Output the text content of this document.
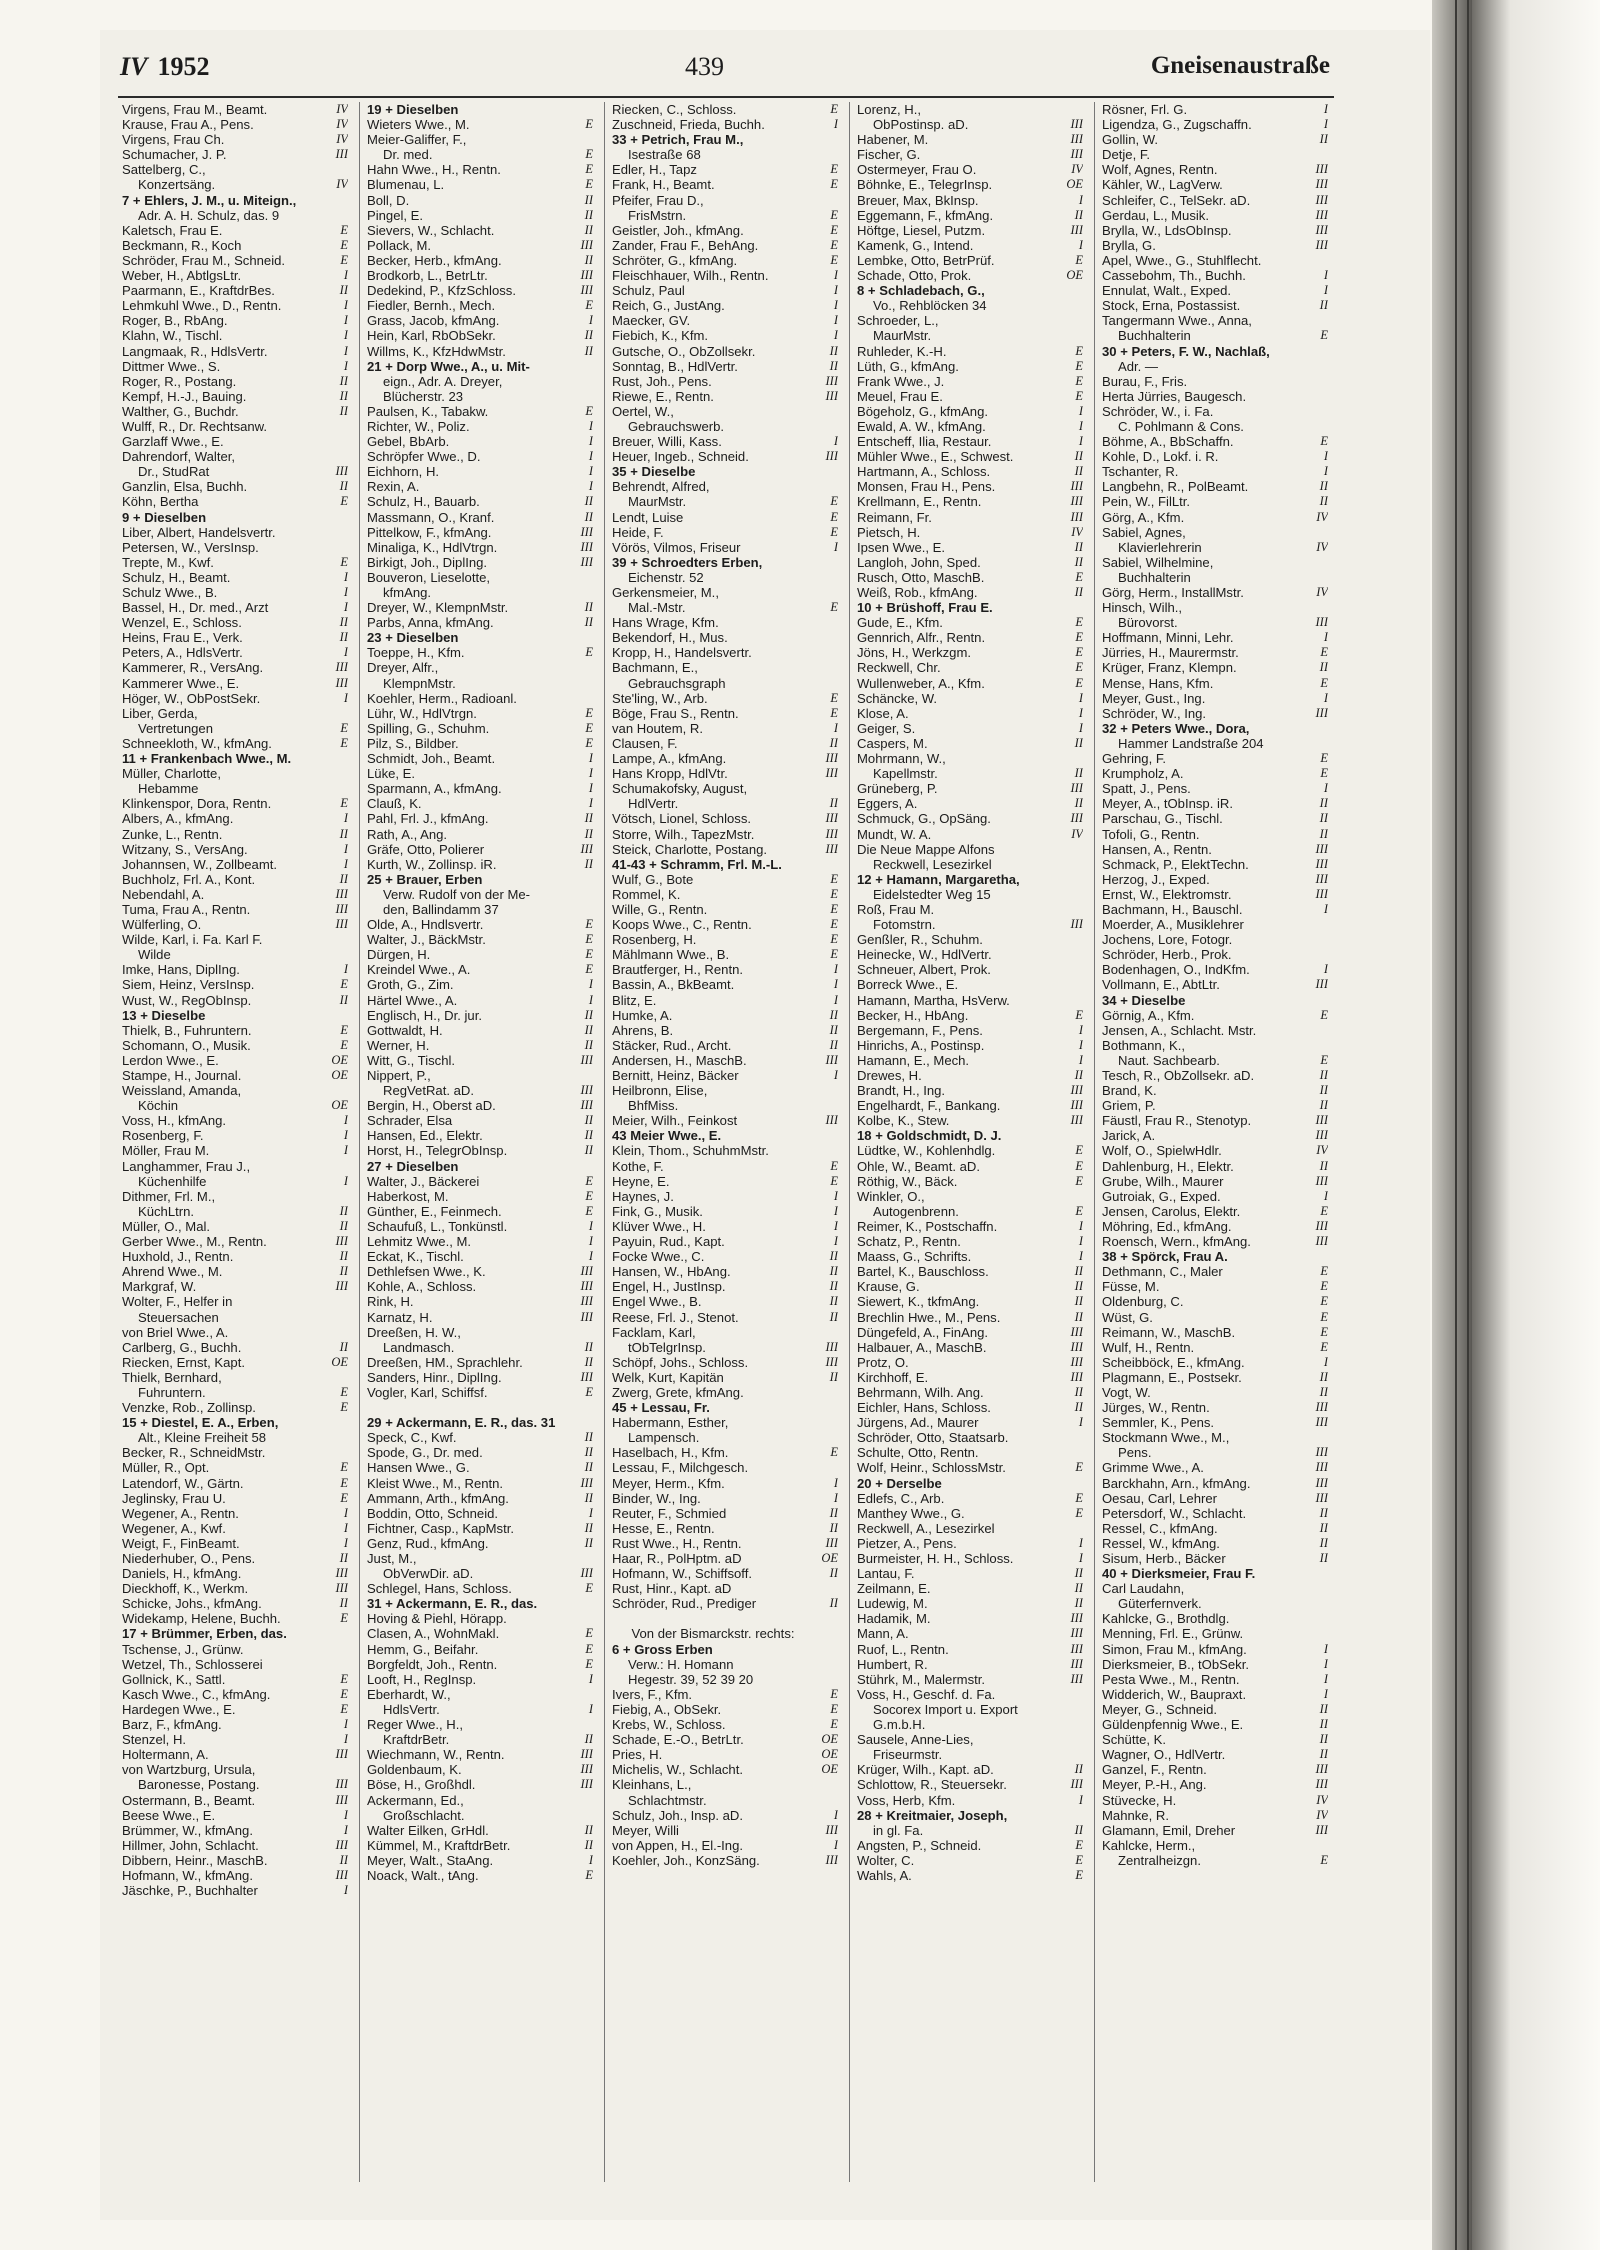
IV 1952	439	Gneisenaustraße
Virgens, Frau M., Beamt.	IV
Krause, Frau A., Pens.	IV
Virgens, Frau Ch.	IV
Schumacher, J. P.	III
Sattelberg, C.,
Konzertsäng.	IV
7 + Ehlers, J. M., u. Miteign.,
Adr. A. H. Schulz, das. 9
Kaletsch, Frau E.	E
Beckmann, R., Koch	E
Schröder, Frau M., Schneid.	E
Weber, H., AbtlgsLtr.	I
Paarmann, E., KraftdrBes.	II
Lehmkuhl Wwe., D., Rentn.	I
Roger, B., RbAng.	I
Klahn, W., Tischl.	I
Langmaak, R., HdlsVertr.	I
Dittmer Wwe., S.	I
Roger, R., Postang.	II
Kempf, H.-J., Bauing.	II
Walther, G., Buchdr.	II
Wulff, R., Dr. Rechtsanw.
Garzlaff Wwe., E.
Dahrendorf, Walter,
Dr., StudRat	III
Ganzlin, Elsa, Buchh.	II
Köhn, Bertha	E
9 + Dieselben
Liber, Albert, Handelsvertr.
Petersen, W., VersInsp.
Trepte, M., Kwf.	E
Schulz, H., Beamt.	I
Schulz Wwe., B.	I
Bassel, H., Dr. med., Arzt	I
Wenzel, E., Schloss.	II
Heins, Frau E., Verk.	II
Peters, A., HdlsVertr.	I
Kammerer, R., VersAng.	III
Kammerer Wwe., E.	III
Höger, W., ObPostSekr.	I
Liber, Gerda,
Vertretungen	E
Schneekloth, W., kfmAng.	E
11 + Frankenbach Wwe., M.
Müller, Charlotte,
Hebamme
Klinkenspor, Dora, Rentn.	E
Albers, A., kfmAng.	I
Zunke, L., Rentn.	II
Witzany, S., VersAng.	I
Johannsen, W., Zollbeamt.	I
Buchholz, Frl. A., Kont.	II
Nebendahl, A.	III
Tuma, Frau A., Rentn.	III
Wülferling, O.	III
Wilde, Karl, i. Fa. Karl F.
Wilde
Imke, Hans, DiplIng.	I
Siem, Heinz, VersInsp.	E
Wust, W., RegObInsp.	II
13 + Dieselbe
Thielk, B., Fuhruntern.	E
Schomann, O., Musik.	E
Lerdon Wwe., E.	OE
Stampe, H., Journal.	OE
Weissland, Amanda,
Köchin	OE
Voss, H., kfmAng.	I
Rosenberg, F.	I
Möller, Frau M.	I
Langhammer, Frau J.,
Küchenhilfe	I
Dithmer, Frl. M.,
KüchLtrn.	II
Müller, O., Mal.	II
Gerber Wwe., M., Rentn.	III
Huxhold, J., Rentn.	II
Ahrend Wwe., M.	II
Markgraf, W.	III
Wolter, F., Helfer in
Steuersachen
von Briel Wwe., A.
Carlberg, G., Buchh.	II
Riecken, Ernst, Kapt.	OE
Thielk, Bernhard,
Fuhruntern.	E
Venzke, Rob., Zollinsp.	E
15 + Diestel, E. A., Erben,
Alt., Kleine Freiheit 58
Becker, R., SchneidMstr.
Müller, R., Opt.	E
Latendorf, W., Gärtn.	E
Jeglinsky, Frau U.	E
Wegener, A., Rentn.	I
Wegener, A., Kwf.	I
Weigt, F., FinBeamt.	I
Niederhuber, O., Pens.	II
Daniels, H., kfmAng.	III
Dieckhoff, K., Werkm.	III
Schicke, Johs., kfmAng.	II
Widekamp, Helene, Buchh.	E
17 + Brümmer, Erben, das.
Tschense, J., Grünw.
Wetzel, Th., Schlosserei
Gollnick, K., Sattl.	E
Kasch Wwe., C., kfmAng.	E
Hardegen Wwe., E.	E
Barz, F., kfmAng.	I
Stenzel, H.	I
Holtermann, A.	III
von Wartzburg, Ursula,
Baronesse, Postang.	III
Ostermann, B., Beamt.	III
Beese Wwe., E.	I
Brümmer, W., kfmAng.	I
Hillmer, John, Schlacht.	III
Dibbern, Heinr., MaschB.	II
Hofmann, W., kfmAng.	III
Jäschke, P., Buchhalter	I
19 + Dieselben
Wieters Wwe., M.	E
Meier-Galiffer, F.,
Dr. med.	E
Hahn Wwe., H., Rentn.	E
Blumenau, L.	E
Boll, D.	II
Pingel, E.	II
Sievers, W., Schlacht.	II
Pollack, M.	III
Becker, Herb., kfmAng.	II
Brodkorb, L., BetrLtr.	III
Dedekind, P., KfzSchloss.	III
Fiedler, Bernh., Mech.	E
Grass, Jacob, kfmAng.	I
Hein, Karl, RbObSekr.	II
Willms, K., KfzHdwMstr.	II
21 + Dorp Wwe., A., u. Mit-
eign., Adr. A. Dreyer,
Blücherstr. 23
Paulsen, K., Tabakw.	E
Richter, W., Poliz.	I
Gebel, BbArb.	I
Schröpfer Wwe., D.	I
Eichhorn, H.	I
Rexin, A.	I
Schulz, H., Bauarb.	II
Massmann, O., Kranf.	II
Pittelkow, F., kfmAng.	III
Minaliga, K., HdlVtrgn.	III
Birkigt, Joh., DiplIng.	III
Bouveron, Lieselotte,
kfmAng.
Dreyer, W., KlempnMstr.	II
Parbs, Anna, kfmAng.	II
23 + Dieselben
Toeppe, H., Kfm.	E
Dreyer, Alfr.,
KlempnMstr.
Koehler, Herm., Radioanl.
Lühr, W., HdlVtrgn.	E
Spilling, G., Schuhm.	E
Pilz, S., Bildber.	E
Schmidt, Joh., Beamt.	I
Lüke, E.	I
Sparmann, A., kfmAng.	I
Clauß, K.	I
Pahl, Frl. J., kfmAng.	II
Rath, A., Ang.	II
Gräfe, Otto, Polierer	III
Kurth, W., Zollinsp. iR.	II
25 + Brauer, Erben
Verw. Rudolf von der Me-
den, Ballindamm 37
Olde, A., Hndlsvertr.	E
Walter, J., BäckMstr.	E
Dürgen, H.	E
Kreindel Wwe., A.	E
Groth, G., Zim.	I
Härtel Wwe., A.	I
Englisch, H., Dr. jur.	II
Gottwaldt, H.	II
Werner, H.	II
Witt, G., Tischl.	III
Nippert, P.,
RegVetRat. aD.	III
Bergin, H., Oberst aD.	III
Schrader, Elsa	II
Hansen, Ed., Elektr.	II
Horst, H., TelegrObInsp.	II
27 + Dieselben
Walter, J., Bäckerei	E
Haberkost, M.	E
Günther, E., Feinmech.	E
Schaufuß, L., Tonkünstl.	I
Lehmitz Wwe., M.	I
Eckat, K., Tischl.	I
Dethlefsen Wwe., K.	III
Kohle, A., Schloss.	III
Rink, H.	III
Karnatz, H.	III
Dreeßen, H. W.,
Landmasch.	II
Dreeßen, HM., Sprachlehr.	II
Sanders, Hinr., DiplIng.	III
Vogler, Karl, Schiffsf.	E
29 + Ackermann, E. R., das. 31
Speck, C., Kwf.	II
Spode, G., Dr. med.	II
Hansen Wwe., G.	II
Kleist Wwe., M., Rentn.	III
Ammann, Arth., kfmAng.	II
Boddin, Otto, Schneid.	I
Fichtner, Casp., KapMstr.	II
Genz, Rud., kfmAng.	II
Just, M.,
ObVerwDir. aD.	III
Schlegel, Hans, Schloss.	E
31 + Ackermann, E. R., das.
Hoving & Piehl, Hörapp.
Clasen, A., WohnMakl.	E
Hemm, G., Beifahr.	E
Borgfeldt, Joh., Rentn.	E
Looft, H., RegInsp.	I
Eberhardt, W.,
HdlsVertr.	I
Reger Wwe., H.,
KraftdrBetr.	II
Wiechmann, W., Rentn.	III
Goldenbaum, K.	III
Böse, H., Großhdl.	III
Ackermann, Ed.,
Großschlacht.
Walter Eilken, GrHdl.	II
Kümmel, M., KraftdrBetr.	II
Meyer, Walt., StaAng.	I
Noack, Walt., tAng.	E
Riecken, C., Schloss.	E
Zuschneid, Frieda, Buchh.	I
33 + Petrich, Frau M.,
Isestraße 68
Edler, H., Tapz	E
Frank, H., Beamt.	E
Pfeifer, Frau D.,
FrisMstrn.	E
Geistler, Joh., kfmAng.	E
Zander, Frau F., BehAng.	E
Schröter, G., kfmAng.	E
Fleischhauer, Wilh., Rentn.	I
Schulz, Paul	I
Reich, G., JustAng.	I
Maecker, GV.	I
Fiebich, K., Kfm.	I
Gutsche, O., ObZollsekr.	II
Sonntag, B., HdlVertr.	II
Rust, Joh., Pens.	III
Riewe, E., Rentn.	III
Oertel, W.,
Gebrauchswerb.
Breuer, Willi, Kass.	I
Heuer, Ingeb., Schneid.	III
35 + Dieselbe
Behrendt, Alfred,
MaurMstr.	E
Lendt, Luise	E
Heide, F.	E
Vörös, Vilmos, Friseur	I
39 + Schroedters Erben,
Eichenstr. 52
Gerkensmeier, M.,
Mal.-Mstr.	E
Hans Wrage, Kfm.
Bekendorf, H., Mus.
Kropp, H., Handelsvertr.
Bachmann, E.,
Gebrauchsgraph
Ste'ling, W., Arb.	E
Böge, Frau S., Rentn.	E
van Houtem, R.	I
Clausen, F.	II
Lampe, A., kfmAng.	III
Hans Kropp, HdlVtr.	III
Schumakofsky, August,
HdlVertr.	II
Vötsch, Lionel, Schloss.	III
Storre, Wilh., TapezMstr.	III
Steick, Charlotte, Postang.	III
41-43 + Schramm, Frl. M.-L.
Wulf, G., Bote	E
Rommel, K.	E
Wille, G., Rentn.	E
Koops Wwe., C., Rentn.	E
Rosenberg, H.	E
Mählmann Wwe., B.	E
Brautferger, H., Rentn.	I
Bassin, A., BkBeamt.	I
Blitz, E.	I
Humke, A.	II
Ahrens, B.	II
Stäcker, Rud., Archt.	II
Andersen, H., MaschB.	III
Bernitt, Heinz, Bäcker	I
Heilbronn, Elise,
BhfMiss.
Meier, Wilh., Feinkost	III
43 Meier Wwe., E.
Klein, Thom., SchuhmMstr.
Kothe, F.	E
Heyne, E.	E
Haynes, J.	I
Fink, G., Musik.	I
Klüver Wwe., H.	I
Payuin, Rud., Kapt.	I
Focke Wwe., C.	II
Hansen, W., HbAng.	II
Engel, H., JustInsp.	II
Engel Wwe., B.	II
Reese, Frl. J., Stenot.	II
Facklam, Karl,
tObTelgrInsp.	III
Schöpf, Johs., Schloss.	III
Welk, Kurt, Kapitän	II
Zwerg, Grete, kfmAng.
45 + Lessau, Fr.
Habermann, Esther,
Lampensch.
Haselbach, H., Kfm.	E
Lessau, F., Milchgesch.
Meyer, Herm., Kfm.	I
Binder, W., Ing.	I
Reuter, F., Schmied	II
Hesse, E., Rentn.	II
Rust Wwe., H., Rentn.	III
Haar, R., PolHptm. aD	OE
Hofmann, W., Schiffsoff.	II
Rust, Hinr., Kapt. aD
Schröder, Rud., Prediger	II
Von der Bismarckstr. rechts:
6 + Gross Erben
Verw.: H. Homann
Hegestr. 39, 52 39 20
Ivers, F., Kfm.	E
Fiebig, A., ObSekr.	E
Krebs, W., Schloss.	E
Schade, E.-O., BetrLtr.	OE
Pries, H.	OE
Michelis, W., Schlacht.	OE
Kleinhans, L.,
Schlachtmstr.
Schulz, Joh., Insp. aD.	I
Meyer, Willi	III
von Appen, H., El.-Ing.	I
Koehler, Joh., KonzSäng.	III
Lorenz, H.,
ObPostinsp. aD.	III
Habener, M.	III
Fischer, G.	III
Ostermeyer, Frau O.	IV
Böhnke, E., TelegrInsp.	OE
Breuer, Max, BkInsp.	I
Eggemann, F., kfmAng.	II
Höftge, Liesel, Putzm.	III
Kamenk, G., Intend.	I
Lembke, Otto, BetrPrüf.	E
Schade, Otto, Prok.	OE
8 + Schladebach, G.,
Vo., Rehblöcken 34
Schroeder, L.,
MaurMstr.
Ruhleder, K.-H.	E
Lüth, G., kfmAng.	E
Frank Wwe., J.	E
Meuel, Frau E.	E
Bögeholz, G., kfmAng.	I
Ewald, A. W., kfmAng.	I
Entscheff, Ilia, Restaur.	I
Mühler Wwe., E., Schwest.	II
Hartmann, A., Schloss.	II
Monsen, Frau H., Pens.	III
Krellmann, E., Rentn.	III
Reimann, Fr.	III
Pietsch, H.	IV
Ipsen Wwe., E.	II
Langloh, John, Sped.	II
Rusch, Otto, MaschB.	E
Weiß, Rob., kfmAng.	II
10 + Brüshoff, Frau E.
Gude, E., Kfm.	E
Gennrich, Alfr., Rentn.	E
Jöns, H., Werkzgm.	E
Reckwell, Chr.	E
Wullenweber, A., Kfm.	E
Schäncke, W.	I
Klose, A.	I
Geiger, S.	I
Caspers, M.	II
Mohrmann, W.,
Kapellmstr.	II
Grüneberg, P.	III
Eggers, A.	II
Schmuck, G., OpSäng.	III
Mundt, W. A.	IV
Die Neue Mappe Alfons
Reckwell, Lesezirkel
12 + Hamann, Margaretha,
Eidelstedter Weg 15
Roß, Frau M.
Fotomstrn.	III
Genßler, R., Schuhm.
Heinecke, W., HdlVertr.
Schneuer, Albert, Prok.
Borreck Wwe., E.
Hamann, Martha, HsVerw.
Becker, H., HbAng.	E
Bergemann, F., Pens.	I
Hinrichs, A., Postinsp.	I
Hamann, E., Mech.	I
Drewes, H.	II
Brandt, H., Ing.	III
Engelhardt, F., Bankang.	III
Kolbe, K., Stew.	III
18 + Goldschmidt, D. J.
Lüdtke, W., Kohlenhdlg.	E
Ohle, W., Beamt. aD.	E
Röthig, W., Bäck.	E
Winkler, O.,
Autogenbrenn.	E
Reimer, K., Postschaffn.	I
Schatz, P., Rentn.	I
Maass, G., Schrifts.	I
Bartel, K., Bauschloss.	II
Krause, G.	II
Siewert, K., tkfmAng.	II
Brechlin Hwe., M., Pens.	II
Düngefeld, A., FinAng.	III
Halbauer, A., MaschB.	III
Protz, O.	III
Kirchhoff, E.	III
Behrmann, Wilh. Ang.	II
Eichler, Hans, Schloss.	II
Jürgens, Ad., Maurer	I
Schröder, Otto, Staatsarb.
Schulte, Otto, Rentn.
Wolf, Heinr., SchlossMstr.	E
20 + Derselbe
Edlefs, C., Arb.	E
Manthey Wwe., G.	E
Reckwell, A., Lesezirkel
Pietzer, A., Pens.	I
Burmeister, H. H., Schloss.	I
Lantau, F.	II
Zeilmann, E.	II
Ludewig, M.	II
Hadamik, M.	III
Mann, A.	III
Ruof, L., Rentn.	III
Humbert, R.	III
Stührk, M., Malermstr.	III
Voss, H., Geschf. d. Fa.
Socorex Import u. Export
G.m.b.H.
Sausele, Anne-Lies,
Friseurmstr.
Krüger, Wilh., Kapt. aD.	II
Schlottow, R., Steuersekr.	III
Voss, Herb, Kfm.	I
28 + Kreitmaier, Joseph,
in gl. Fa.	II
Angsten, P., Schneid.	E
Wolter, C.	E
Wahls, A.	E
Rösner, Frl. G.	I
Ligendza, G., Zugschaffn.	I
Gollin, W.	II
Detje, F.
Wolf, Agnes, Rentn.	III
Kähler, W., LagVerw.	III
Schleifer, C., TelSekr. aD.	III
Gerdau, L., Musik.	III
Brylla, W., LdsObInsp.	III
Brylla, G.	III
Apel, Wwe., G., Stuhlflecht.
Cassebohm, Th., Buchh.	I
Ennulat, Walt., Exped.	I
Stock, Erna, Postassist.	II
Tangermann Wwe., Anna,
Buchhalterin	E
30 + Peters, F. W., Nachlaß,
Adr. —
Burau, F., Fris.
Herta Jürries, Baugesch.
Schröder, W., i. Fa.
C. Pohlmann & Cons.
Böhme, A., BbSchaffn.	E
Kohle, D., Lokf. i. R.	I
Tschanter, R.	I
Langbehn, R., PolBeamt.	II
Pein, W., FilLtr.	II
Görg, A., Kfm.	IV
Sabiel, Agnes,
Klavierlehrerin	IV
Sabiel, Wilhelmine,
Buchhalterin
Görg, Herm., InstallMstr.	IV
Hinsch, Wilh.,
Bürovorst.	III
Hoffmann, Minni, Lehr.	I
Jürries, H., Maurermstr.	E
Krüger, Franz, Klempn.	II
Mense, Hans, Kfm.	E
Meyer, Gust., Ing.	I
Schröder, W., Ing.	III
32 + Peters Wwe., Dora,
Hammer Landstraße 204
Gehring, F.	E
Krumpholz, A.	E
Spatt, J., Pens.	I
Meyer, A., tObInsp. iR.	II
Parschau, G., Tischl.	II
Tofoli, G., Rentn.	II
Hansen, A., Rentn.	III
Schmack, P., ElektTechn.	III
Herzog, J., Exped.	III
Ernst, W., Elektromstr.	III
Bachmann, H., Bauschl.	I
Moerder, A., Musiklehrer
Jochens, Lore, Fotogr.
Schröder, Herb., Prok.
Bodenhagen, O., IndKfm.	I
Vollmann, E., AbtLtr.	III
34 + Dieselbe
Görnig, A., Kfm.	E
Jensen, A., Schlacht. Mstr.
Bothmann, K.,
Naut. Sachbearb.	E
Tesch, R., ObZollsekr. aD.	II
Brand, K.	II
Griem, P.	II
Fäustl, Frau R., Stenotyp.	III
Jarick, A.	III
Wolf, O., SpielwHdlr.	IV
Dahlenburg, H., Elektr.	II
Grube, Wilh., Maurer	III
Gutroiak, G., Exped.	I
Jensen, Carolus, Elektr.	E
Möhring, Ed., kfmAng.	III
Roensch, Wern., kfmAng.	III
38 + Spörck, Frau A.
Dethmann, C., Maler	E
Füsse, M.	E
Oldenburg, C.	E
Wüst, G.	E
Reimann, W., MaschB.	E
Wulf, H., Rentn.	E
Scheibböck, E., kfmAng.	I
Plagmann, E., Postsekr.	II
Vogt, W.	II
Jürges, W., Rentn.	III
Semmler, K., Pens.	III
Stockmann Wwe., M.,
Pens.	III
Grimme Wwe., A.	III
Barckhahn, Arn., kfmAng.	III
Oesau, Carl, Lehrer	III
Petersdorf, W., Schlacht.	II
Ressel, C., kfmAng.	II
Ressel, W., kfmAng.	II
Sisum, Herb., Bäcker	II
40 + Dierksmeier, Frau F.
Carl Laudahn,
Güterfernverk.
Kahlcke, G., Brothdlg.
Menning, Frl. E., Grünw.
Simon, Frau M., kfmAng.	I
Dierksmeier, B., tObSekr.	I
Pesta Wwe., M., Rentn.	I
Widderich, W., Baupraxt.	I
Meyer, G., Schneid.	II
Güldenpfennig Wwe., E.	II
Schütte, K.	II
Wagner, O., HdlVertr.	II
Ganzel, F., Rentn.	III
Meyer, P.-H., Ang.	III
Stüvecke, H.	IV
Mahnke, R.	IV
Glamann, Emil, Dreher	III
Kahlcke, Herm.,
Zentralheizgn.	E
